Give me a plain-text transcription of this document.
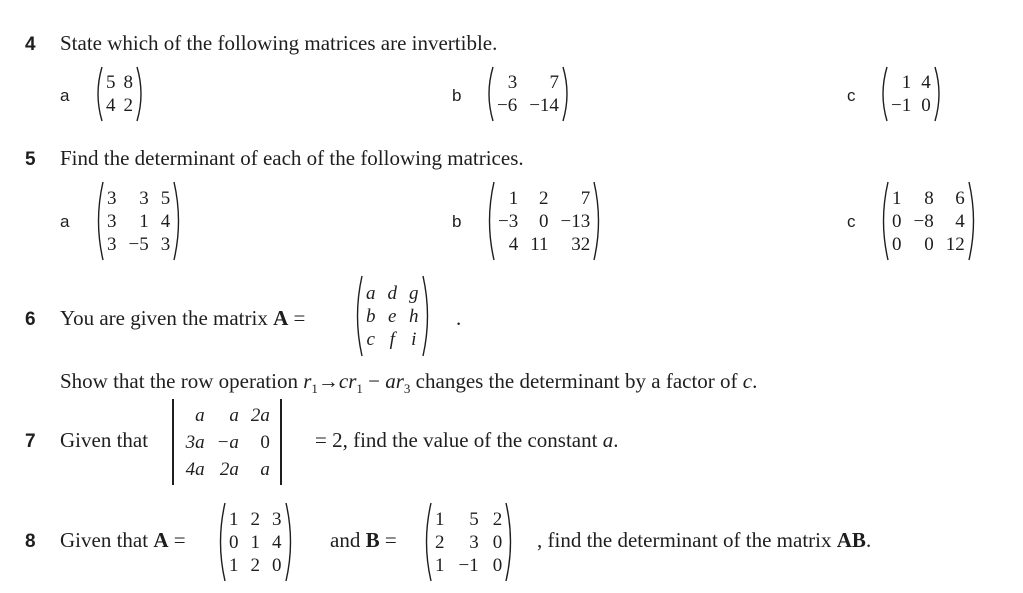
4 State which of the following matrices are invertible.
a
5 8
4 2	b
3	7
−6 −14	c
1 4
−1 0
5 Find the determinant of each of the following matrices.
a
3	3 5
3	1 4
3 −5 3
b
1	2	7
−3	0 −13
4 11	32
c
1	8	6
0 −8	4
0	0 12
6 You are given the matrix A =
a d g
b e h
c f i
.
Show that the row operation $r_1\to cr_1 - ar_3$ changes the determinant by a factor of c.
7 Given that
a	a 2a
3a −a	0
4a 2a	a
= 2, find the value of the constant a.
8 Given that A =
1 2 3
0 1 4
1 2 0
and B =
1	5 2
2	3 0
1 −1 0
, find the determinant of the matrix AB.
